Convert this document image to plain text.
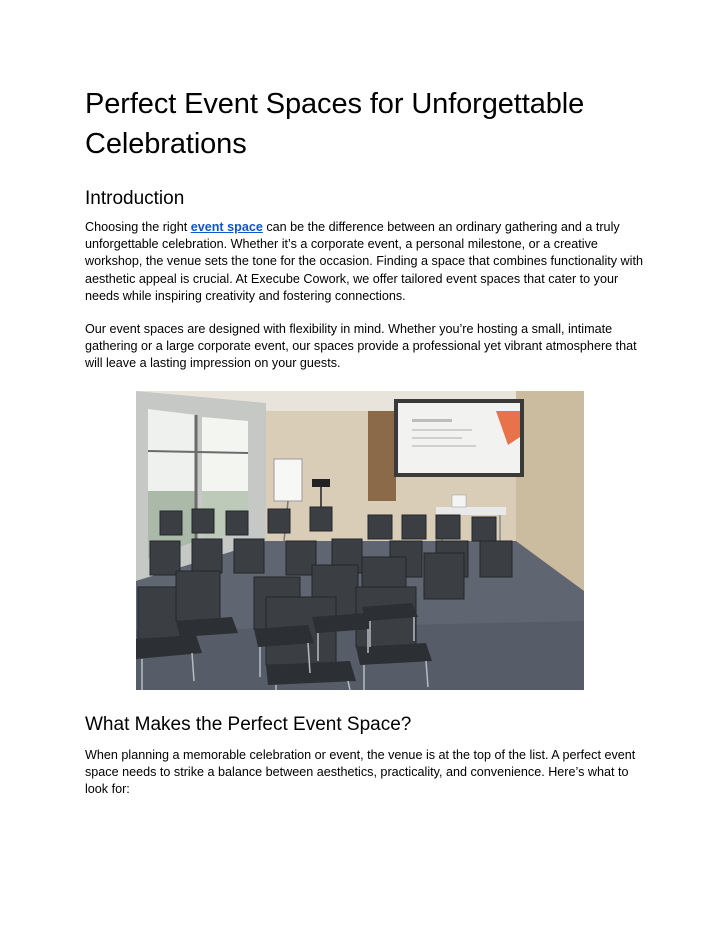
Perfect Event Spaces for Unforgettable Celebrations
Introduction

Choosing the right event space can be the difference between an ordinary gathering and a truly unforgettable celebration. Whether it’s a corporate event, a personal milestone, or a creative workshop, the venue sets the tone for the occasion. Finding a space that combines functionality with aesthetic appeal is crucial. At Execube Cowork, we offer tailored event spaces that cater to your needs while inspiring creativity and fostering connections.

Our event spaces are designed with flexibility in mind. Whether you’re hosting a small, intimate gathering or a large corporate event, our spaces provide a professional yet vibrant atmosphere that will leave a lasting impression on your guests.

What Makes the Perfect Event Space?

When planning a memorable celebration or event, the venue is at the top of the list. A perfect event space needs to strike a balance between aesthetics, practicality, and convenience. Here’s what to look for:
